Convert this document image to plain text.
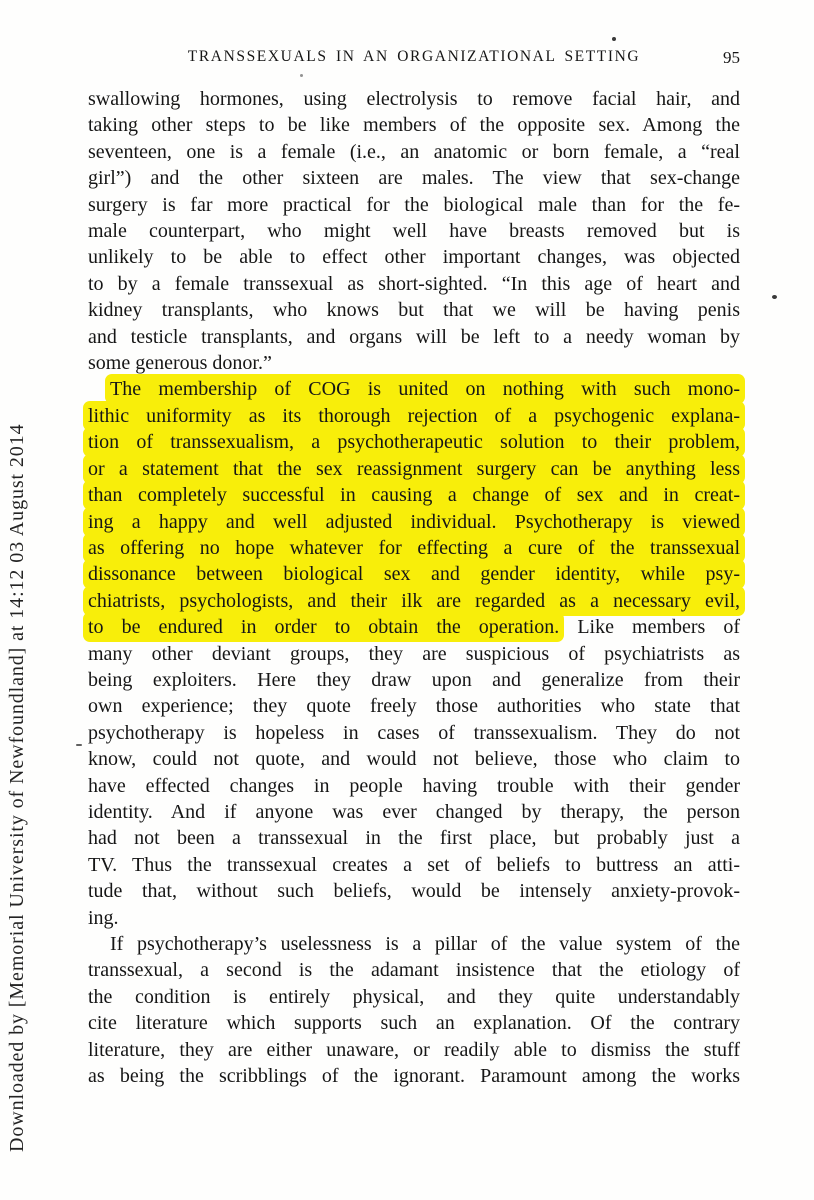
Downloaded by [Memorial University of Newfoundland] at 14:12 03 August 2014
TRANSSEXUALS IN AN ORGANIZATIONAL SETTING	95
swallowing hormones, using electrolysis to remove facial hair, and
taking other steps to be like members of the opposite sex. Among the
seventeen, one is a female (i.e., an anatomic or born female, a “real
girl”) and the other sixteen are males. The view that sex-change
surgery is far more practical for the biological male than for the fe-
male counterpart, who might well have breasts removed but is
unlikely to be able to effect other important changes, was objected
to by a female transsexual as short-sighted. “In this age of heart and
kidney transplants, who knows but that we will be having penis
and testicle transplants, and organs will be left to a needy woman by
some generous donor.”
The membership of COG is united on nothing with such mono-
lithic uniformity as its thorough rejection of a psychogenic explana-
tion of transsexualism, a psychotherapeutic solution to their problem,
or a statement that the sex reassignment surgery can be anything less
than completely successful in causing a change of sex and in creat-
ing a happy and well adjusted individual. Psychotherapy is viewed
as offering no hope whatever for effecting a cure of the transsexual
dissonance between biological sex and gender identity, while psy-
chiatrists, psychologists, and their ilk are regarded as a necessary evil,
to be endured in order to obtain the operation. Like members of
many other deviant groups, they are suspicious of psychiatrists as
being exploiters. Here they draw upon and generalize from their
own experience; they quote freely those authorities who state that
psychotherapy is hopeless in cases of transsexualism. They do not
know, could not quote, and would not believe, those who claim to
have effected changes in people having trouble with their gender
identity. And if anyone was ever changed by therapy, the person
had not been a transsexual in the first place, but probably just a
TV. Thus the transsexual creates a set of beliefs to buttress an atti-
tude that, without such beliefs, would be intensely anxiety-provok-
ing.
If psychotherapy’s uselessness is a pillar of the value system of the
transsexual, a second is the adamant insistence that the etiology of
the condition is entirely physical, and they quite understandably
cite literature which supports such an explanation. Of the contrary
literature, they are either unaware, or readily able to dismiss the stuff
as being the scribblings of the ignorant. Paramount among the works
